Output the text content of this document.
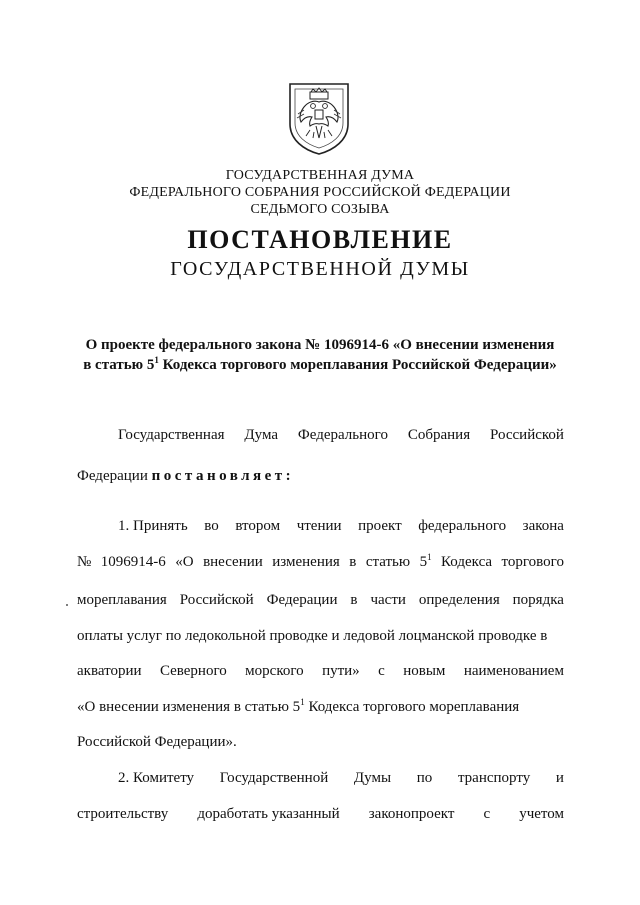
ГОСУДАРСТВЕННАЯ ДУМА
ФЕДЕРАЛЬНОГО СОБРАНИЯ РОССИЙСКОЙ ФЕДЕРАЦИИ
СЕДЬМОГО СОЗЫВА
ПОСТАНОВЛЕНИЕ
ГОСУДАРСТВЕННОЙ ДУМЫ
О проекте федерального закона № 1096914-6 «О внесении изменения
в статью $5^1$ Кодекса торгового мореплавания Российской Федерации»
Государственная Дума Федерального Собрания Российской
Федерации постановляет:
1. Принять во втором чтении проект федерального закона
№ 1096914-6 «О внесении изменения в статью $5^1$ Кодекса торгового
мореплавания Российской Федерации в части определения порядка
оплаты услуг по ледокольной проводке и ледовой лоцманской проводке в
акватории Северного морского пути» с новым наименованием
«О внесении изменения в статью $5^1$ Кодекса торгового мореплавания
Российской Федерации».
2. Комитету Государственной Думы по транспорту и
строительству доработать указанный законопроект с учетом
